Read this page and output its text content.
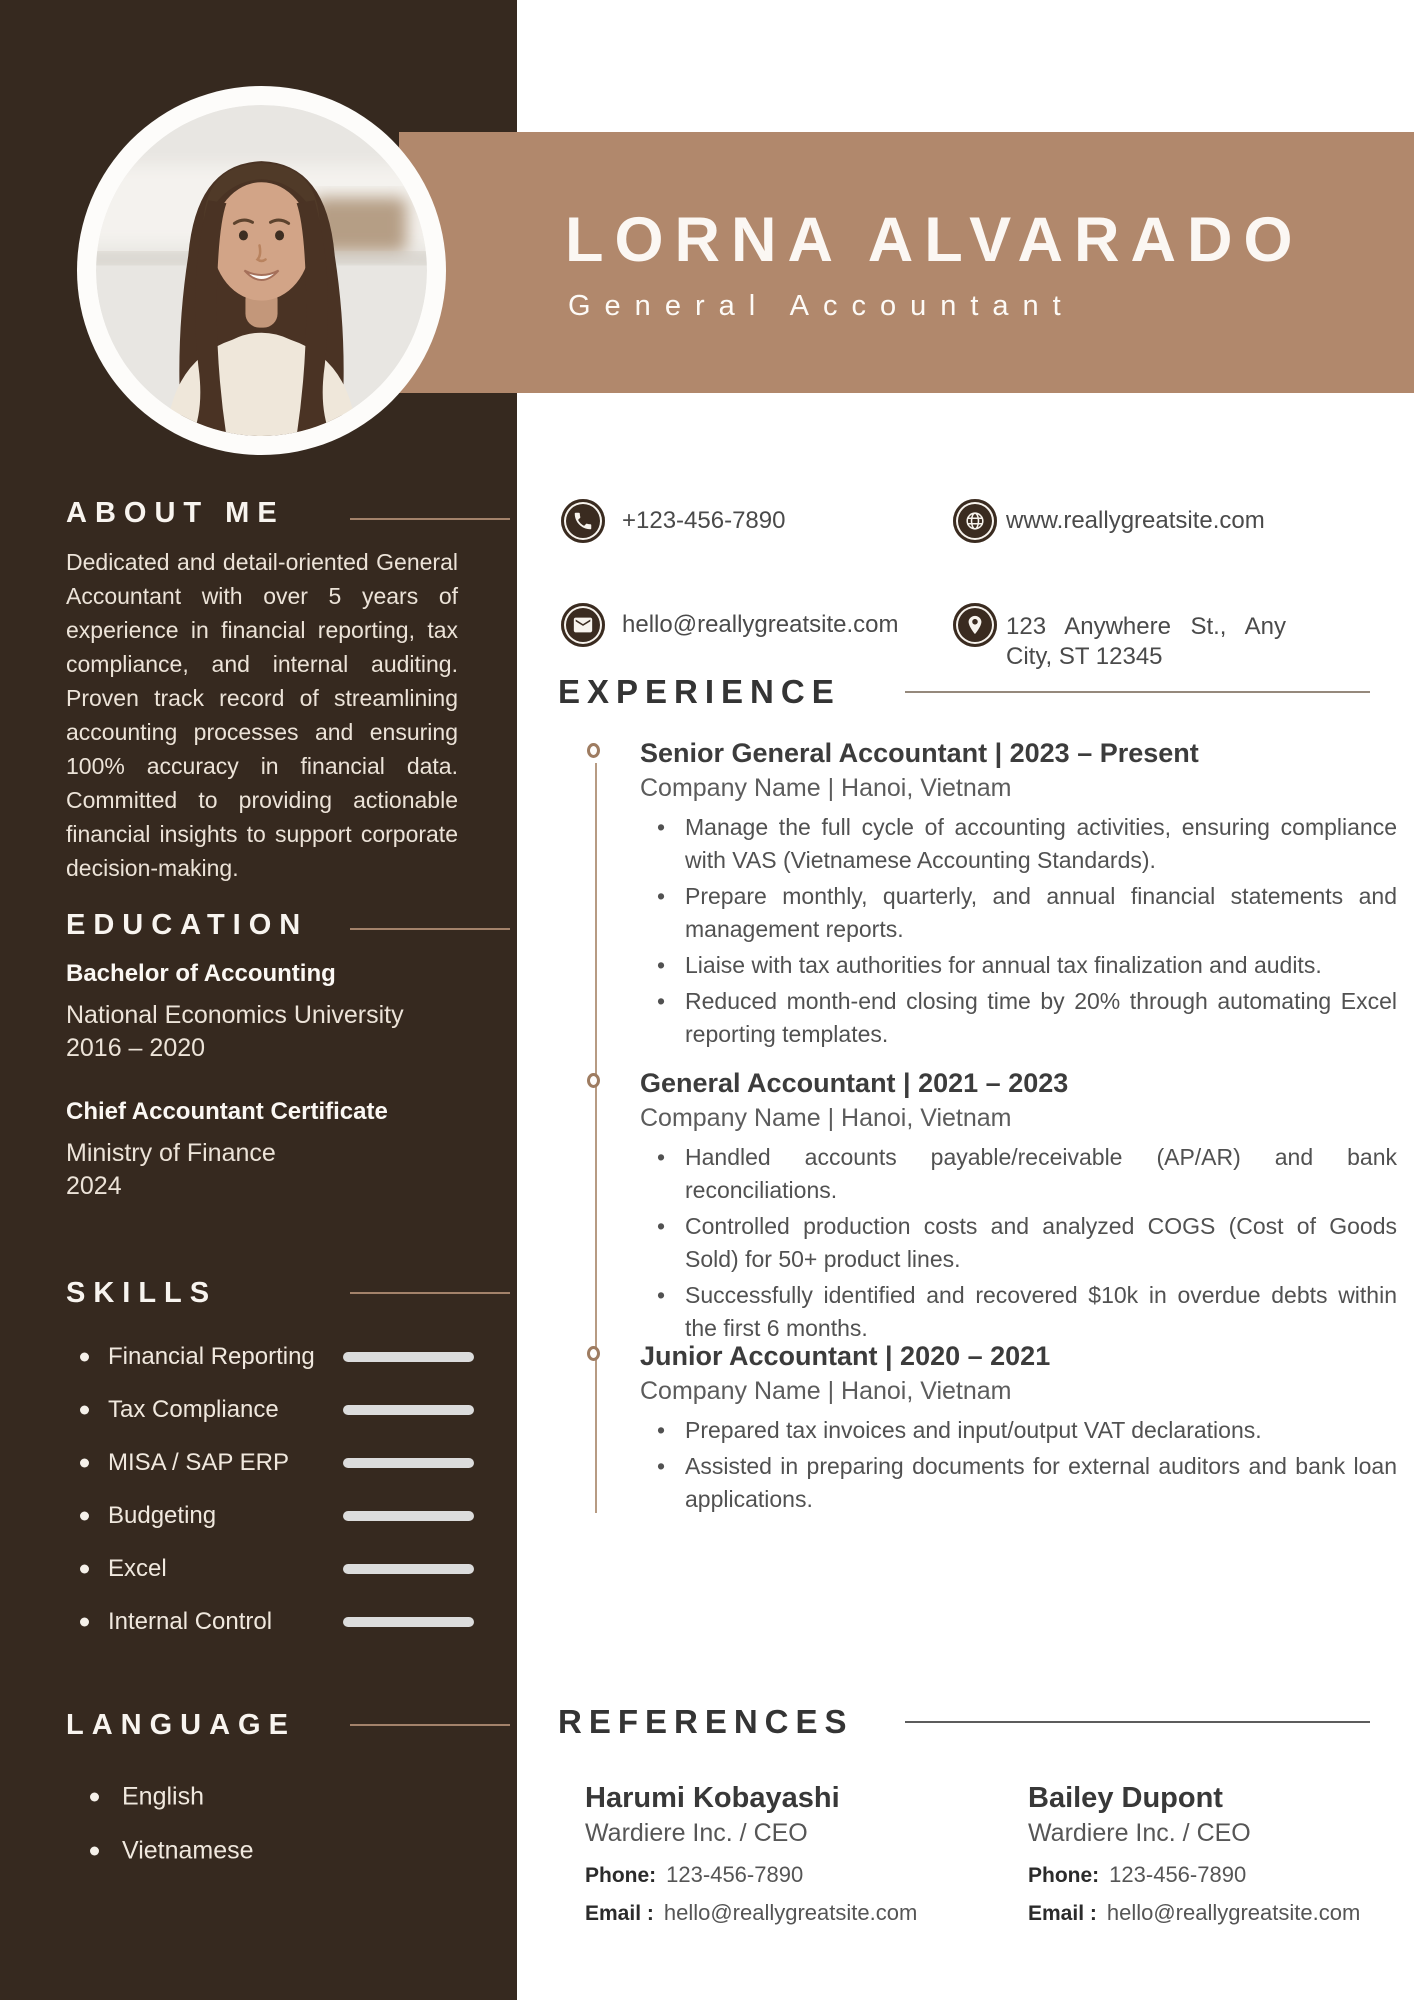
LORNA ALVARADO
General Accountant
+123-456-7890
hello@reallygreatsite.com
www.reallygreatsite.com
123 Anywhere St., Any City, ST 12345
ABOUT ME
Dedicated and detail-oriented General Accountant with over 5 years of experience in financial reporting, tax compliance, and internal auditing. Proven track record of streamlining accounting processes and ensuring 100% accuracy in financial data. Committed to providing actionable financial insights to support corporate decision-making.
EDUCATION
Bachelor of Accounting
National Economics University
2016 – 2020
Chief Accountant Certificate
Ministry of Finance
2024
SKILLS
Financial Reporting
Tax Compliance
MISA / SAP ERP
Budgeting
Excel
Internal Control
LANGUAGE
English
Vietnamese
EXPERIENCE
Senior General Accountant | 2023 – Present
Company Name | Hanoi, Vietnam
• Manage the full cycle of accounting activities, ensuring compliance with VAS (Vietnamese Accounting Standards).
• Prepare monthly, quarterly, and annual financial statements and management reports.
• Liaise with tax authorities for annual tax finalization and audits.
• Reduced month-end closing time by 20% through automating Excel reporting templates.
General Accountant | 2021 – 2023
Company Name | Hanoi, Vietnam
• Handled accounts payable/receivable (AP/AR) and bank reconciliations.
• Controlled production costs and analyzed COGS (Cost of Goods Sold) for 50+ product lines.
• Successfully identified and recovered $10k in overdue debts within the first 6 months.
Junior Accountant | 2020 – 2021
Company Name | Hanoi, Vietnam
• Prepared tax invoices and input/output VAT declarations.
• Assisted in preparing documents for external auditors and bank loan applications.
REFERENCES
Harumi Kobayashi
Wardiere Inc. / CEO
Phone: 123-456-7890
Email : hello@reallygreatsite.com
Bailey Dupont
Wardiere Inc. / CEO
Phone: 123-456-7890
Email : hello@reallygreatsite.com
